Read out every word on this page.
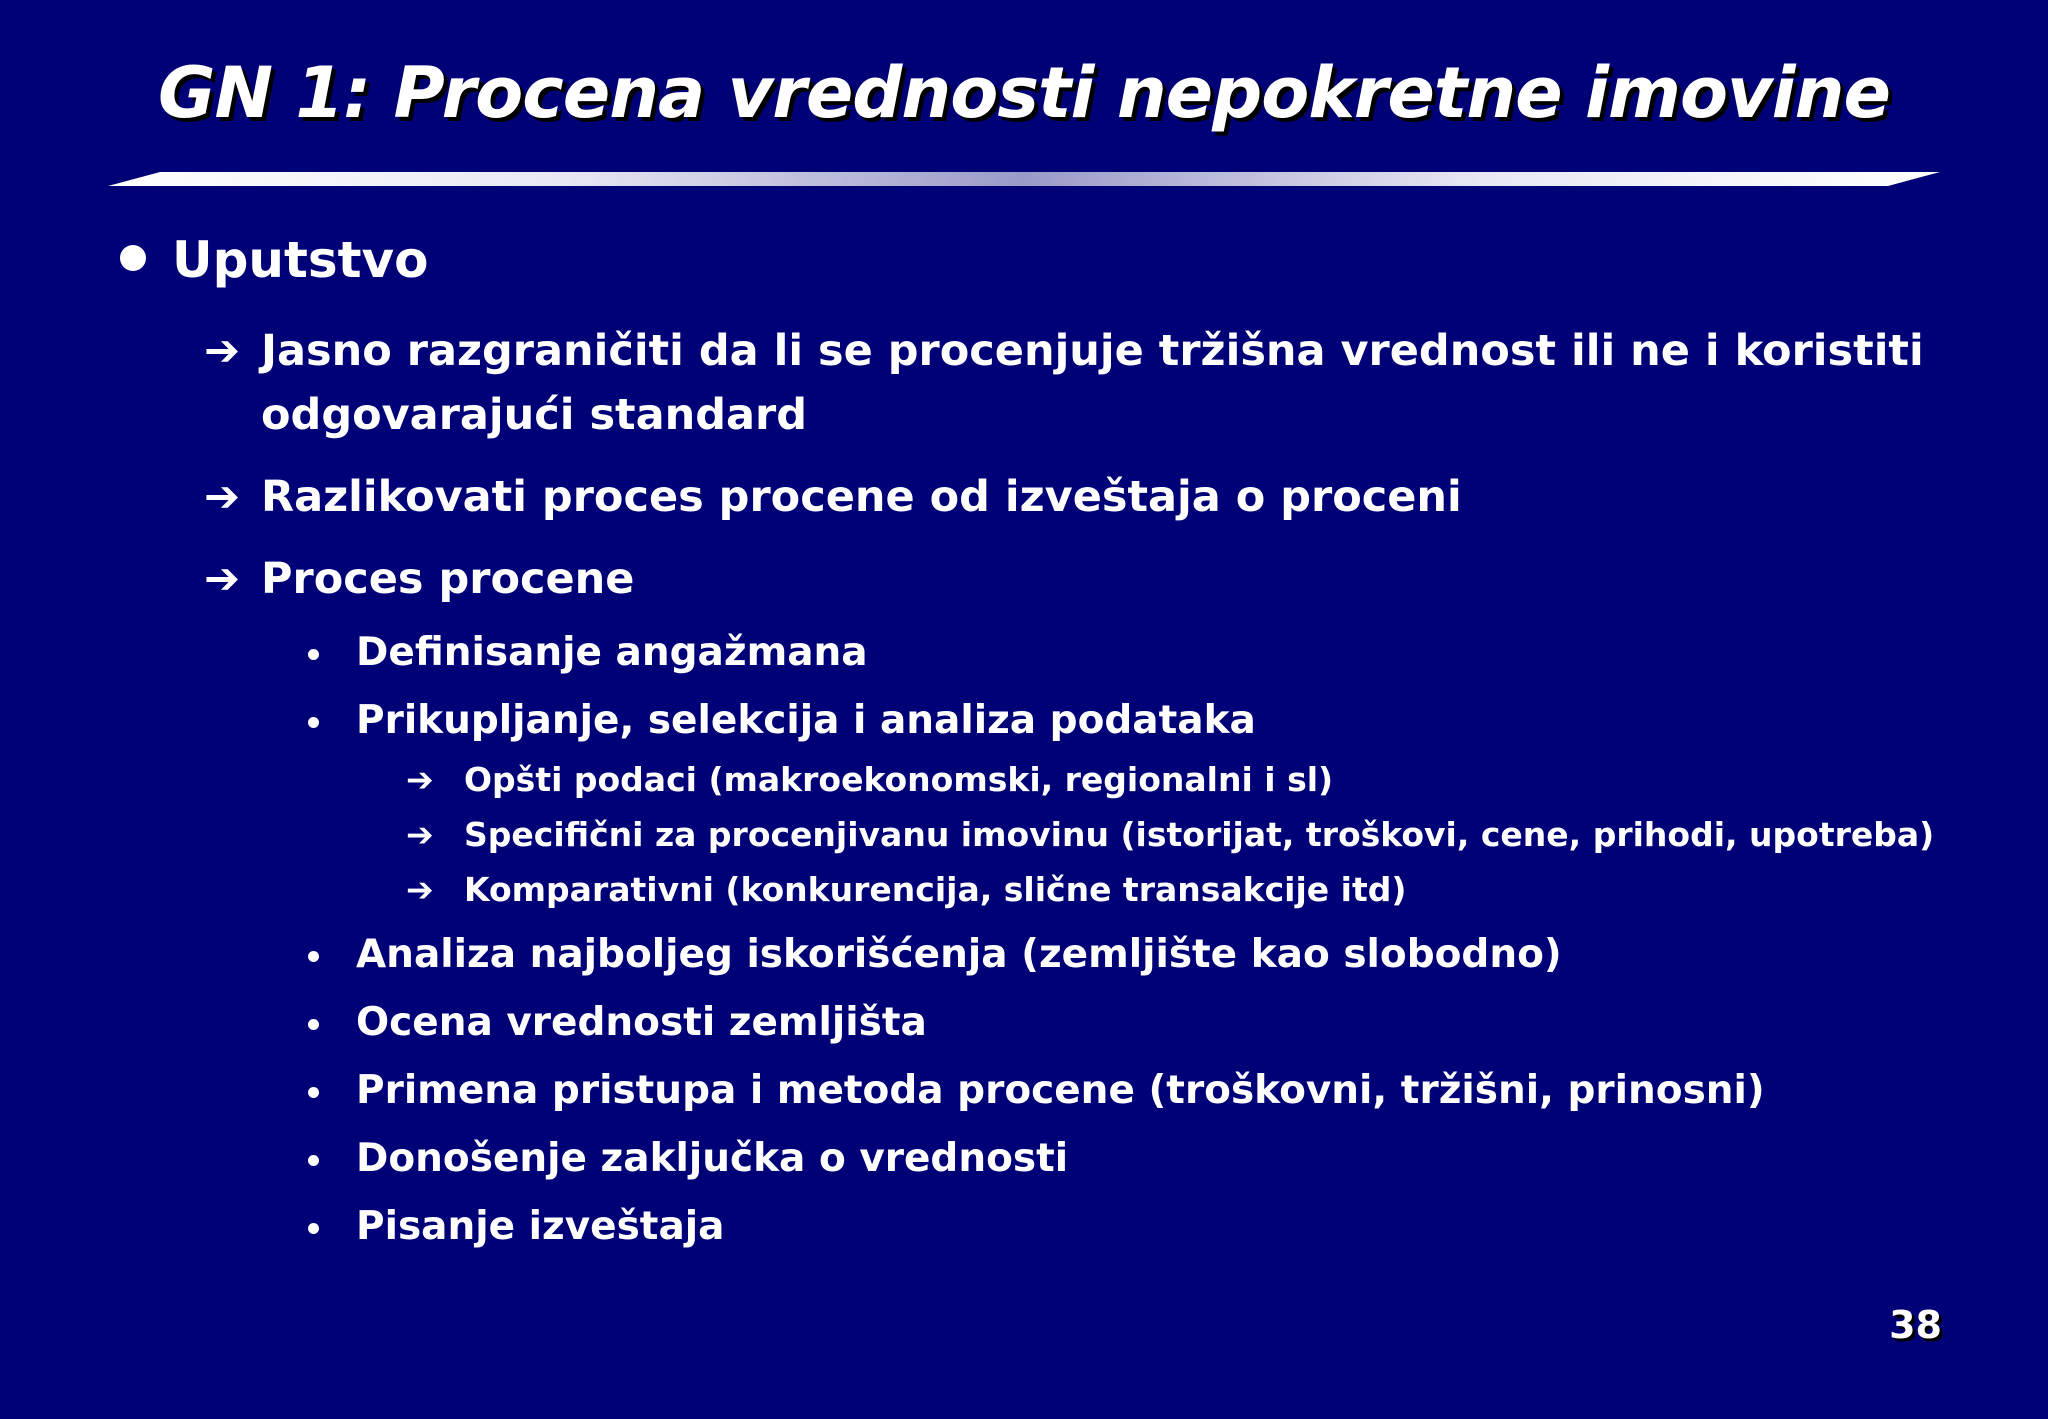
GN 1: Procena vrednosti nepokretne imovine
Uputstvo
➔ Jasno razgraničiti da li se procenjuje tržišna vrednost ili ne i koristiti
odgovarajući standard
➔ Razlikovati proces procene od izveštaja o proceni
➔ Proces procene
Definisanje angažmana
Prikupljanje, selekcija i analiza podataka
➔ Opšti podaci (makroekonomski, regionalni i sl)
➔ Specifični za procenjivanu imovinu (istorijat, troškovi, cene, prihodi, upotreba)
➔ Komparativni (konkurencija, slične transakcije itd)
Analiza najboljeg iskorišćenja (zemljište kao slobodno)
Ocena vrednosti zemljišta
Primena pristupa i metoda procene (troškovni, tržišni, prinosni)
Donošenje zaključka o vrednosti
Pisanje izveštaja
38
